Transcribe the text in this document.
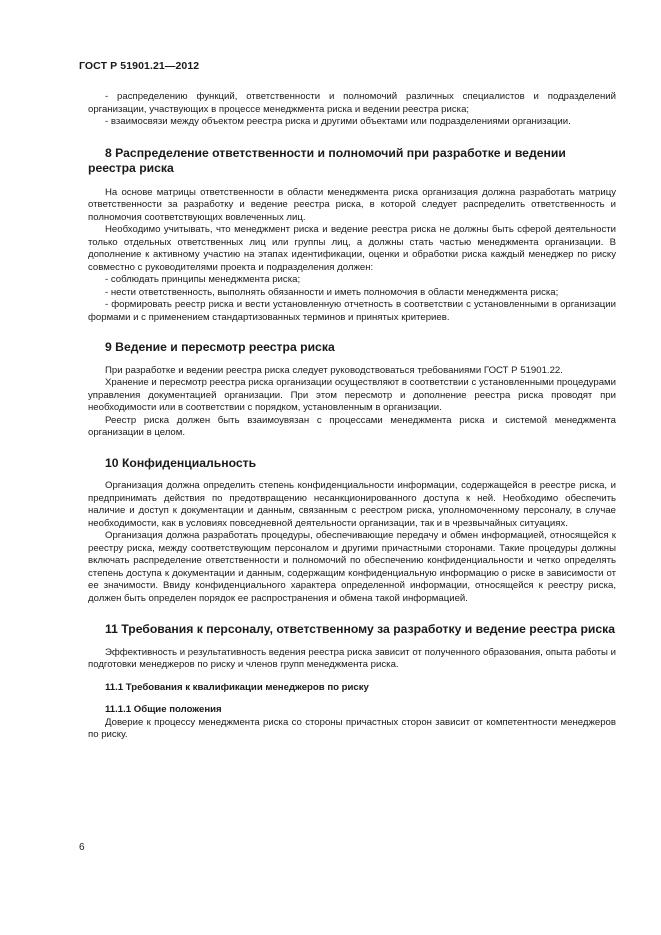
ГОСТ Р 51901.21—2012

- распределению функций, ответственности и полномочий различных специалистов и подразделений организации, участвующих в процессе менеджмента риска и ведении реестра риска;

- взаимосвязи между объектом реестра риска и другими объектами или подразделениями организации.

8 Распределение ответственности и полномочий при разработке и ведении реестра риска

На основе матрицы ответственности в области менеджмента риска организация должна разработать матрицу ответственности за разработку и ведение реестра риска, в которой следует распределить ответственность и полномочия соответствующих вовлеченных лиц.

Необходимо учитывать, что менеджмент риска и ведение реестра риска не должны быть сферой деятельности только отдельных ответственных лиц или группы лиц, а должны стать частью менеджмента организации. В дополнение к активному участию на этапах идентификации, оценки и обработки риска каждый менеджер по риску совместно с руководителями проекта и подразделения должен:

- соблюдать принципы менеджмента риска;

- нести ответственность, выполнять обязанности и иметь полномочия в области менеджмента риска;

- формировать реестр риска и вести установленную отчетность в соответствии с установленными в организации формами и с применением стандартизованных терминов и принятых критериев.

9 Ведение и пересмотр реестра риска

При разработке и ведении реестра риска следует руководствоваться требованиями ГОСТ Р 51901.22.

Хранение и пересмотр реестра риска организации осуществляют в соответствии с установленными процедурами управления документацией организации. При этом пересмотр и дополнение реестра риска проводят при необходимости или в соответствии с порядком, установленным в организации.

Реестр риска должен быть взаимоувязан с процессами менеджмента риска и системой менеджмента организации в целом.

10 Конфиденциальность

Организация должна определить степень конфиденциальности информации, содержащейся в реестре риска, и предпринимать действия по предотвращению несанкционированного доступа к ней. Необходимо обеспечить наличие и доступ к документации и данным, связанным с реестром риска, уполномоченному персоналу, в случае необходимости, как в условиях повседневной деятельности организации, так и в чрезвычайных ситуациях.

Организация должна разработать процедуры, обеспечивающие передачу и обмен информацией, относящейся к реестру риска, между соответствующим персоналом и другими причастными сторонами. Такие процедуры должны включать распределение ответственности и полномочий по обеспечению конфиденциальности и четко определять степень доступа к документации и данным, содержащим конфиденциальную информацию о риске в зависимости от ее значимости. Ввиду конфиденциального характера определенной информации, относящейся к реестру риска, должен быть определен порядок ее распространения и обмена такой информацией.

11 Требования к персоналу, ответственному за разработку и ведение реестра риска

Эффективность и результативность ведения реестра риска зависит от полученного образования, опыта работы и подготовки менеджеров по риску и членов групп менеджмента риска.

11.1 Требования к квалификации менеджеров по риску
11.1.1 Общие положения

Доверие к процессу менеджмента риска со стороны причастных сторон зависит от компетентности менеджеров по риску.

6
